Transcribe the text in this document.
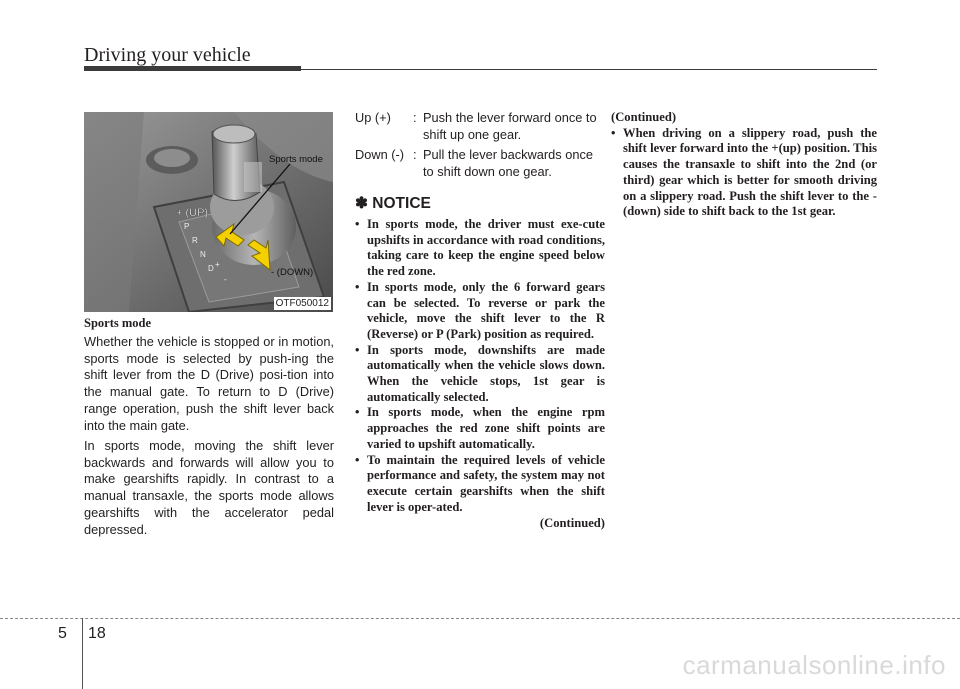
Driving your vehicle
P
R
N
D +
-
+ (UP)
Sports mode
- (DOWN)
OTF050012
Sports mode

Whether the vehicle is stopped or in motion, sports mode is selected by push-ing the shift lever from the D (Drive) posi-tion into the manual gate. To return to D (Drive) range operation, push the shift lever back into the main gate.

In sports mode, moving the shift lever backwards and forwards will allow you to make gearshifts rapidly. In contrast to a manual transaxle, the sports mode allows gearshifts with the accelerator pedal depressed.

Up (+)	: Push the lever forward once to shift up one gear.
Down (-) : Pull the lever backwards once to shift down one gear.
✽ NOTICE
• In sports mode, the driver must exe-cute upshifts in accordance with road conditions, taking care to keep the engine speed below the red zone.
• In sports mode, only the 6 forward gears can be selected. To reverse or park the vehicle, move the shift lever to the R (Reverse) or P (Park) position as required.
• In sports mode, downshifts are made automatically when the vehicle slows down. When the vehicle stops, 1st gear is automatically selected.
• In sports mode, when the engine rpm approaches the red zone shift points are varied to upshift automatically.
• To maintain the required levels of vehicle performance and safety, the system may not execute certain gearshifts when the shift lever is oper-ated.
(Continued)
(Continued)
• When driving on a slippery road, push the shift lever forward into the +(up) position. This causes the transaxle to shift into the 2nd (or third) gear which is better for smooth driving on a slippery road. Push the shift lever to the -(down) side to shift back to the 1st gear.
5 18
carmanualsonline.info
